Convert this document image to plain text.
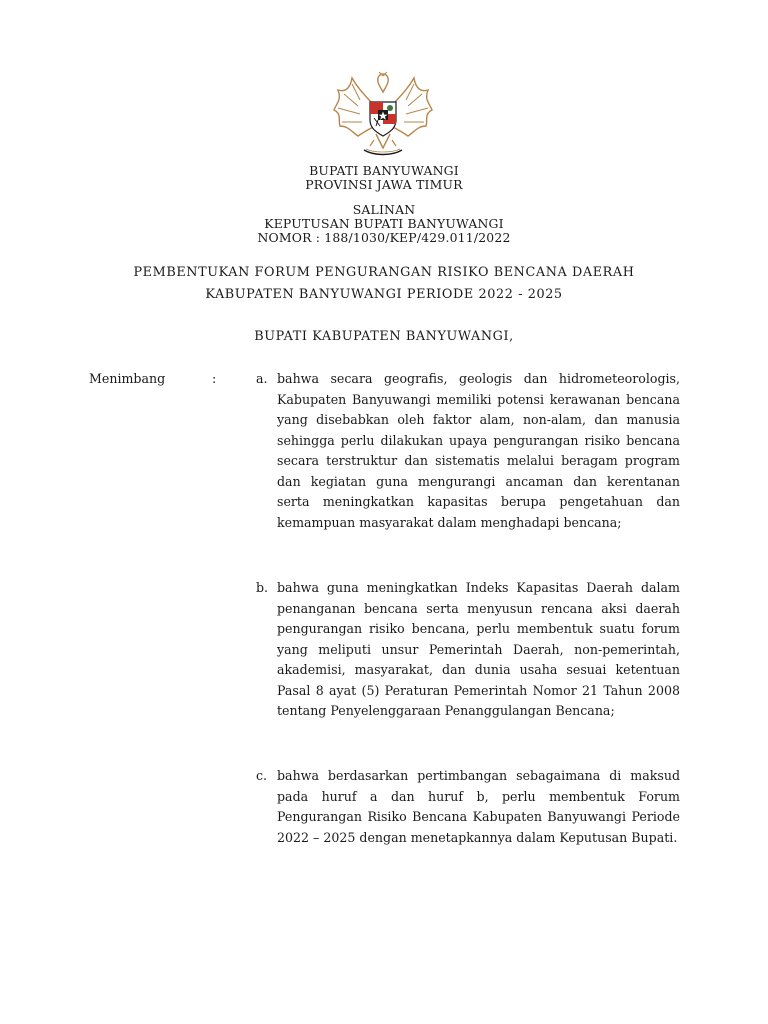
BUPATI BANYUWANGI
PROVINSI JAWA TIMUR
SALINAN
KEPUTUSAN BUPATI BANYUWANGI
NOMOR : 188/1030/KEP/429.011/2022
PEMBENTUKAN FORUM PENGURANGAN RISIKO BENCANA DAERAH
KABUPATEN BANYUWANGI PERIODE 2022 - 2025
BUPATI KABUPATEN BANYUWANGI,
Menimbang	:	a. bahwa secara geografis, geologis dan hidrometeorologis, Kabupaten Banyuwangi memiliki potensi kerawanan bencana yang disebabkan oleh faktor alam, non-alam, dan manusia sehingga perlu dilakukan upaya pengurangan risiko bencana secara terstruktur dan sistematis melalui beragam program dan kegiatan guna mengurangi ancaman dan kerentanan serta meningkatkan kapasitas berupa pengetahuan dan kemampuan masyarakat dalam menghadapi bencana;
b. bahwa guna meningkatkan Indeks Kapasitas Daerah dalam penanganan bencana serta menyusun rencana aksi daerah pengurangan risiko bencana, perlu membentuk suatu forum yang meliputi unsur Pemerintah Daerah, non-pemerintah, akademisi, masyarakat, dan dunia usaha sesuai ketentuan Pasal 8 ayat (5) Peraturan Pemerintah Nomor 21 Tahun 2008 tentang Penyelenggaraan Penanggulangan Bencana;
c. bahwa berdasarkan pertimbangan sebagaimana di maksud pada huruf a dan huruf b, perlu membentuk Forum Pengurangan Risiko Bencana Kabupaten Banyuwangi Periode 2022 – 2025 dengan menetapkannya dalam Keputusan Bupati.
